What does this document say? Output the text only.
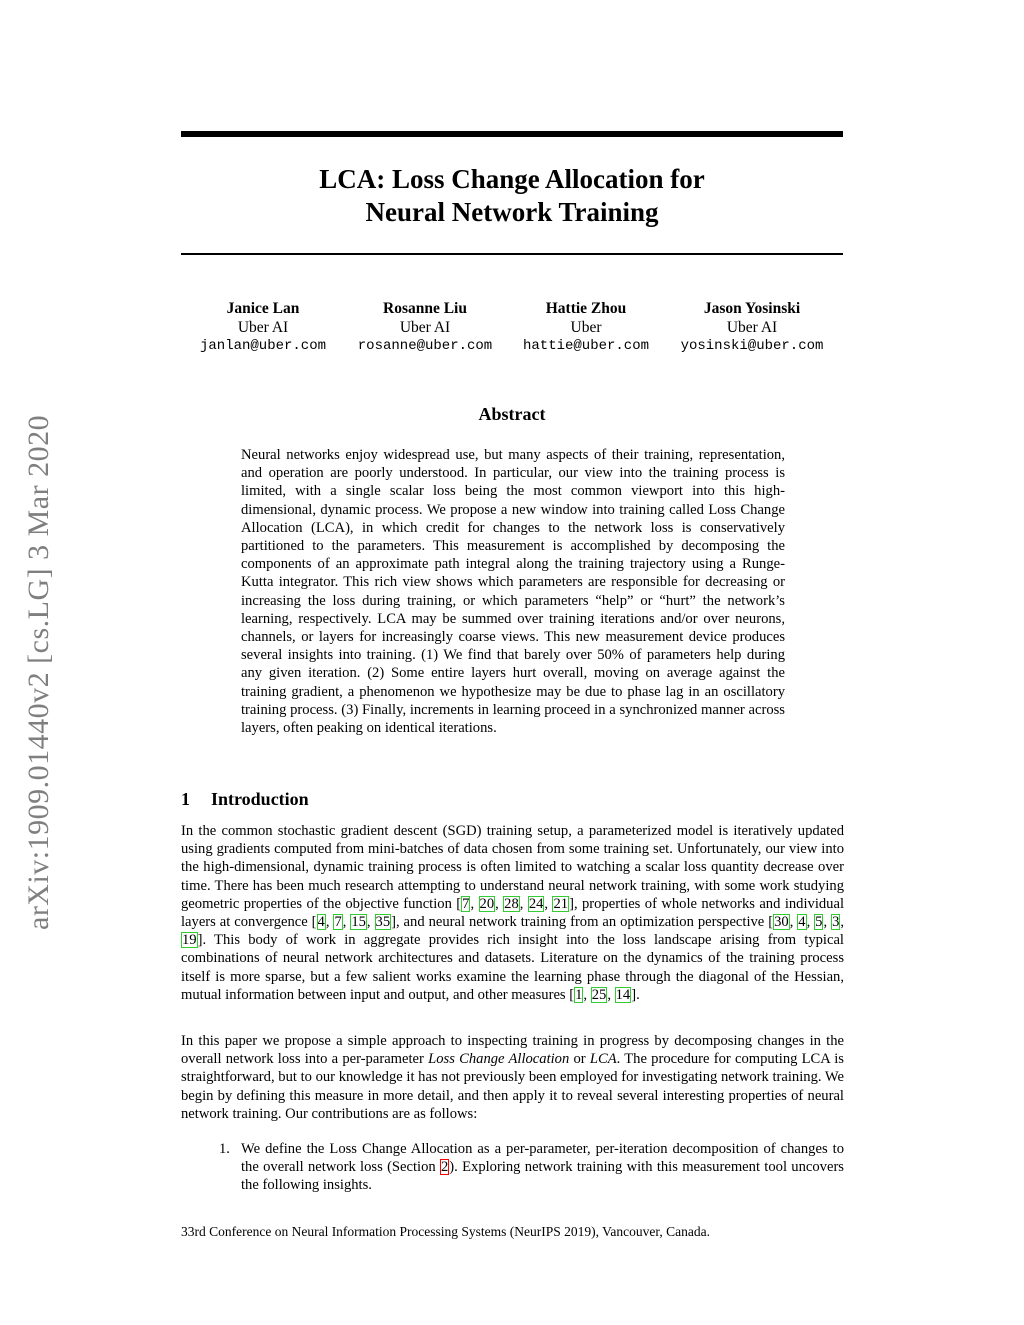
arXiv:1909.01440v2 [cs.LG] 3 Mar 2020
LCA: Loss Change Allocation for
Neural Network Training
Janice Lan
Uber AI
janlan@uber.com
Rosanne Liu
Uber AI
rosanne@uber.com
Hattie Zhou
Uber
hattie@uber.com
Jason Yosinski
Uber AI
yosinski@uber.com
Abstract
Neural networks enjoy widespread use, but many aspects of their training, representation, and operation are poorly understood. In particular, our view into the training process is limited, with a single scalar loss being the most common viewport into this high-dimensional, dynamic process. We propose a new window into training called Loss Change Allocation (LCA), in which credit for changes to the network loss is conservatively partitioned to the parameters. This measurement is accomplished by decomposing the components of an approximate path integral along the training trajectory using a Runge-Kutta integrator. This rich view shows which parameters are responsible for decreasing or increasing the loss during training, or which parameters “help” or “hurt” the network’s learning, respectively. LCA may be summed over training iterations and/or over neurons, channels, or layers for increasingly coarse views. This new measurement device produces several insights into training. (1) We find that barely over 50% of parameters help during any given iteration. (2) Some entire layers hurt overall, moving on average against the training gradient, a phenomenon we hypothesize may be due to phase lag in an oscillatory training process. (3) Finally, increments in learning proceed in a synchronized manner across layers, often peaking on identical iterations.
1 Introduction
In the common stochastic gradient descent (SGD) training setup, a parameterized model is iteratively updated using gradients computed from mini-batches of data chosen from some training set. Unfortunately, our view into the high-dimensional, dynamic training process is often limited to watching a scalar loss quantity decrease over time. There has been much research attempting to understand neural network training, with some work studying geometric properties of the objective function [7, 20, 28, 24, 21], properties of whole networks and individual layers at convergence [4, 7, 15, 35], and neural network training from an optimization perspective [30, 4, 5, 3, 19]. This body of work in aggregate provides rich insight into the loss landscape arising from typical combinations of neural network architectures and datasets. Literature on the dynamics of the training process itself is more sparse, but a few salient works examine the learning phase through the diagonal of the Hessian, mutual information between input and output, and other measures [1, 25, 14].
In this paper we propose a simple approach to inspecting training in progress by decomposing changes in the overall network loss into a per-parameter Loss Change Allocation or LCA. The procedure for computing LCA is straightforward, but to our knowledge it has not previously been employed for investigating network training. We begin by defining this measure in more detail, and then apply it to reveal several interesting properties of neural network training. Our contributions are as follows:
1. We define the Loss Change Allocation as a per-parameter, per-iteration decomposition of changes to the overall network loss (Section 2). Exploring network training with this measurement tool uncovers the following insights.
33rd Conference on Neural Information Processing Systems (NeurIPS 2019), Vancouver, Canada.
